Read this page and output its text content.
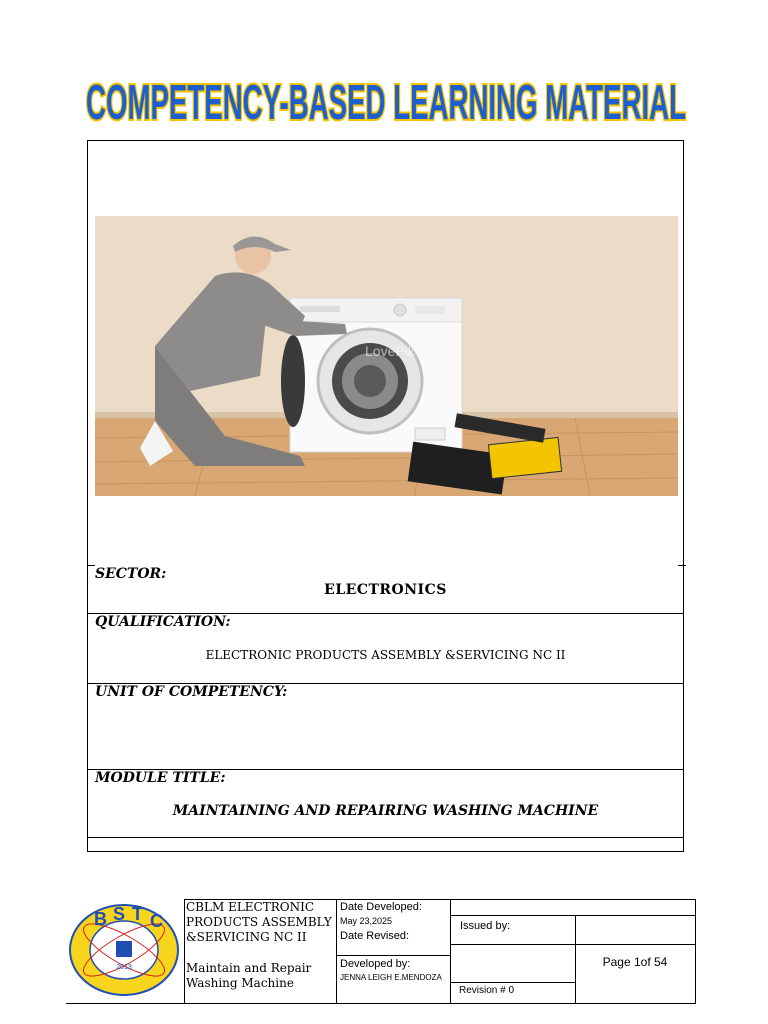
COMPETENCY-BASED LEARNING MATERIAL
LovePik
SECTOR:
ELECTRONICS
QUALIFICATION:
ELECTRONIC PRODUCTS ASSEMBLY &SERVICING NC II
UNIT OF COMPETENCY:
MODULE TITLE:
MAINTAINING AND REPAIRING WASHING MACHINE
B S T C
2013
CBLM ELECTRONIC
PRODUCTS ASSEMBLY
&SERVICING NC II
Maintain and Repair
Washing Machine
Date Developed:
May 23,2025
Date Revised:
Developed by:
JENNA LEIGH E.MENDOZA
Issued by:
Revision # 0
Page 1of 54
